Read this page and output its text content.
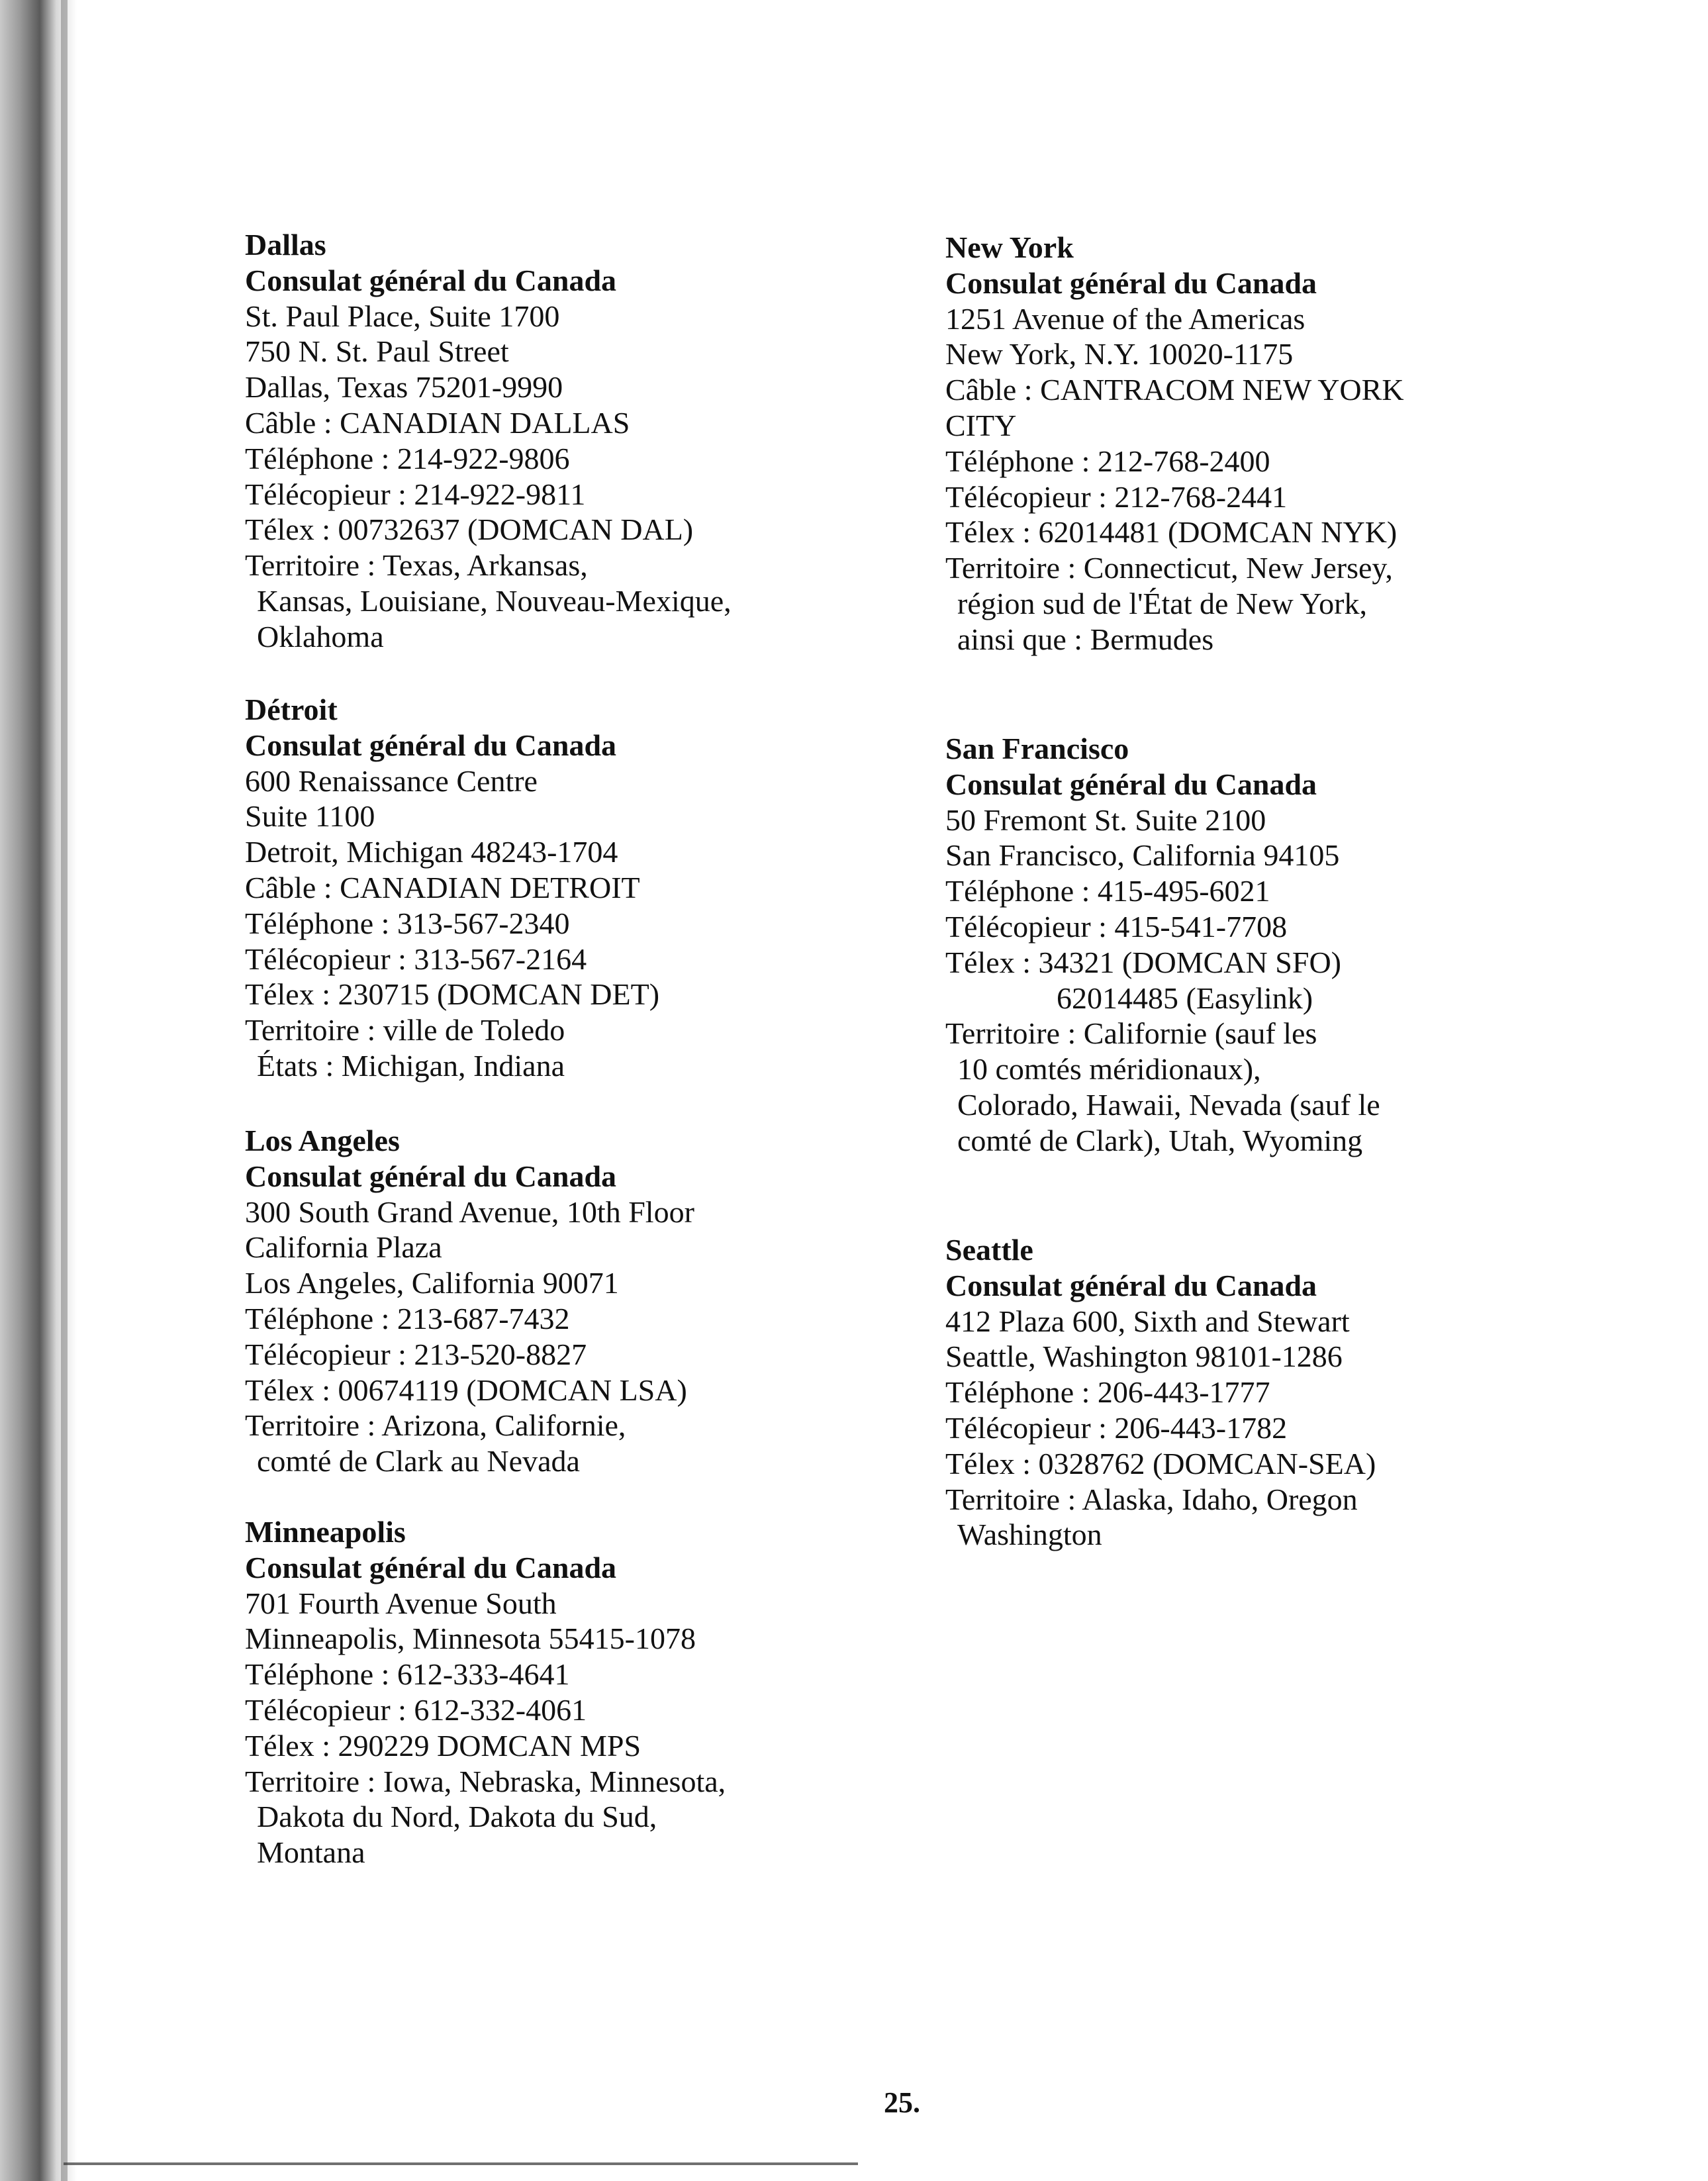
Dallas
Consulat général du Canada
St. Paul Place, Suite 1700
750 N. St. Paul Street
Dallas, Texas 75201-9990
Câble : CANADIAN DALLAS
Téléphone : 214-922-9806
Télécopieur : 214-922-9811
Télex : 00732637 (DOMCAN DAL)
Territoire : Texas, Arkansas,
Kansas, Louisiane, Nouveau-Mexique,
Oklahoma
Détroit
Consulat général du Canada
600 Renaissance Centre
Suite 1100
Detroit, Michigan 48243-1704
Câble : CANADIAN DETROIT
Téléphone : 313-567-2340
Télécopieur : 313-567-2164
Télex : 230715 (DOMCAN DET)
Territoire : ville de Toledo
États : Michigan, Indiana
Los Angeles
Consulat général du Canada
300 South Grand Avenue, 10th Floor
California Plaza
Los Angeles, California 90071
Téléphone : 213-687-7432
Télécopieur : 213-520-8827
Télex : 00674119 (DOMCAN LSA)
Territoire : Arizona, Californie,
comté de Clark au Nevada
Minneapolis
Consulat général du Canada
701 Fourth Avenue South
Minneapolis, Minnesota 55415-1078
Téléphone : 612-333-4641
Télécopieur : 612-332-4061
Télex : 290229 DOMCAN MPS
Territoire : Iowa, Nebraska, Minnesota,
Dakota du Nord, Dakota du Sud,
Montana
New York
Consulat général du Canada
1251 Avenue of the Americas
New York, N.Y. 10020-1175
Câble : CANTRACOM NEW YORK
CITY
Téléphone : 212-768-2400
Télécopieur : 212-768-2441
Télex : 62014481 (DOMCAN NYK)
Territoire : Connecticut, New Jersey,
région sud de l'État de New York,
ainsi que : Bermudes
San Francisco
Consulat général du Canada
50 Fremont St. Suite 2100
San Francisco, California 94105
Téléphone : 415-495-6021
Télécopieur : 415-541-7708
Télex : 34321 (DOMCAN SFO)
62014485 (Easylink)
Territoire : Californie (sauf les
10 comtés méridionaux),
Colorado, Hawaii, Nevada (sauf le
comté de Clark), Utah, Wyoming
Seattle
Consulat général du Canada
412 Plaza 600, Sixth and Stewart
Seattle, Washington 98101-1286
Téléphone : 206-443-1777
Télécopieur : 206-443-1782
Télex : 0328762 (DOMCAN-SEA)
Territoire : Alaska, Idaho, Oregon
Washington
25.
